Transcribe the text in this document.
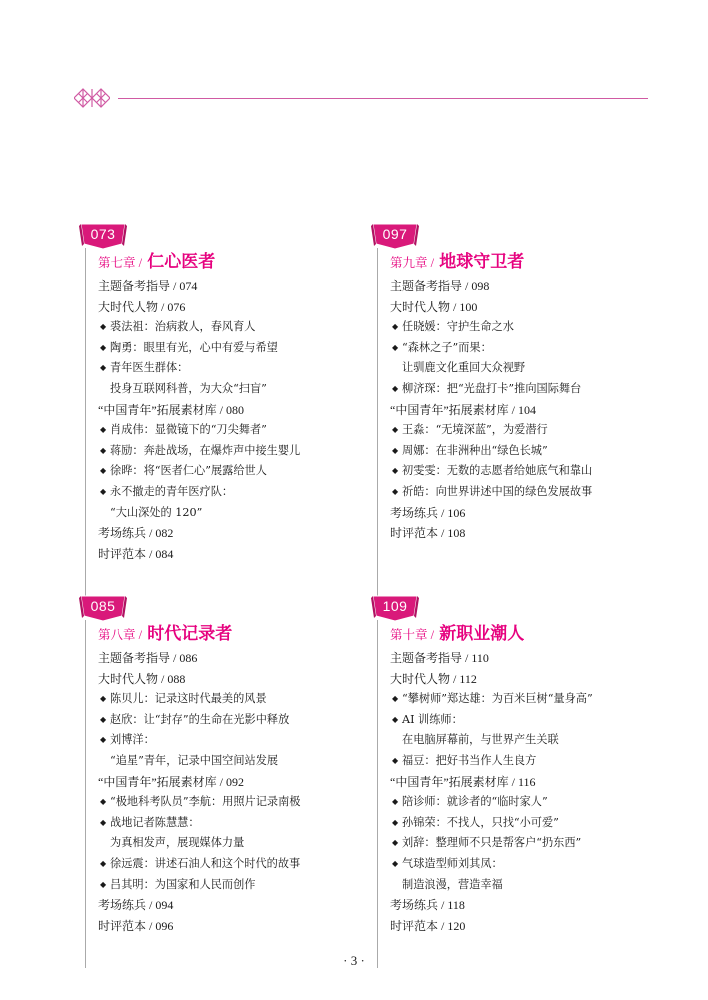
073
第七章 / 仁心医者
主题备考指导 / 074
大时代人物 / 076
◆ 裘法祖：治病救人，春风育人
◆ 陶勇：眼里有光，心中有爱与希望
◆ 青年医生群体：
投身互联网科普，为大众“扫盲”
“中国青年”拓展素材库 / 080
◆ 肖成伟：显微镜下的“刀尖舞者”
◆ 蒋励：奔赴战场，在爆炸声中接生婴儿
◆ 徐晔：将“医者仁心”展露给世人
◆ 永不撤走的青年医疗队：
“大山深处的 120”
考场练兵 / 082
时评范本 / 084
097
第九章 / 地球守卫者
主题备考指导 / 098
大时代人物 / 100
◆ 任晓媛：守护生命之水
◆ “森林之子”而果：
让驯鹿文化重回大众视野
◆ 柳济琛：把“光盘打卡”推向国际舞台
“中国青年”拓展素材库 / 104
◆ 王淼：“无境深蓝”，为爱潜行
◆ 周娜：在非洲种出“绿色长城”
◆ 初雯雯：无数的志愿者给她底气和靠山
◆ 祈皓：向世界讲述中国的绿色发展故事
考场练兵 / 106
时评范本 / 108
085
第八章 / 时代记录者
主题备考指导 / 086
大时代人物 / 088
◆ 陈贝儿：记录这时代最美的风景
◆ 赵欣：让“封存”的生命在光影中释放
◆ 刘博洋：
“追星”青年，记录中国空间站发展
“中国青年”拓展素材库 / 092
◆ “极地科考队员”李航：用照片记录南极
◆ 战地记者陈慧慧：
为真相发声，展现媒体力量
◆ 徐远震：讲述石油人和这个时代的故事
◆ 吕其明：为国家和人民而创作
考场练兵 / 094
时评范本 / 096
109
第十章 / 新职业潮人
主题备考指导 / 110
大时代人物 / 112
◆ “攀树师”郑达雄：为百米巨树“量身高”
◆ AI 训练师：
在电脑屏幕前，与世界产生关联
◆ 福豆：把好书当作人生良方
“中国青年”拓展素材库 / 116
◆ 陪诊师：就诊者的“临时家人”
◆ 孙锦荣：不找人，只找“小可爱”
◆ 刘辞：整理师不只是帮客户“扔东西”
◆ 气球造型师刘其凤：
制造浪漫，营造幸福
考场练兵 / 118
时评范本 / 120
· 3 ·
